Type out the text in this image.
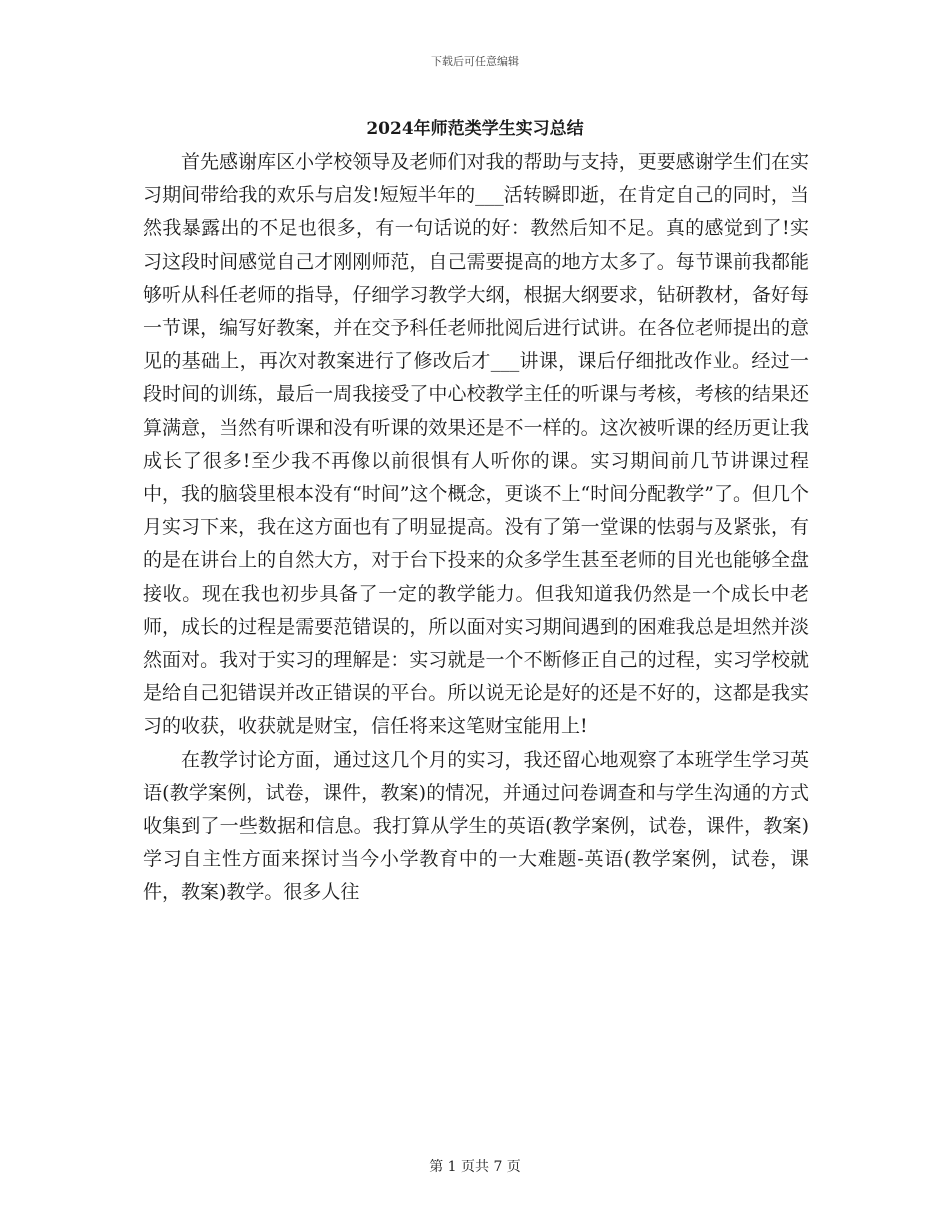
下载后可任意编辑
2024年师范类学生实习总结

首先感谢库区小学校领导及老师们对我的帮助与支持，更要感谢学生们在实习期间带给我的欢乐与启发!短短半年的___活转瞬即逝，在肯定自己的同时，当然我暴露出的不足也很多，有一句话说的好：教然后知不足。真的感觉到了!实习这段时间感觉自己才刚刚师范，自己需要提高的地方太多了。每节课前我都能够听从科任老师的指导，仔细学习教学大纲，根据大纲要求，钻研教材，备好每一节课，编写好教案，并在交予科任老师批阅后进行试讲。在各位老师提出的意见的基础上，再次对教案进行了修改后才___讲课，课后仔细批改作业。经过一段时间的训练，最后一周我接受了中心校教学主任的听课与考核，考核的结果还算满意，当然有听课和没有听课的效果还是不一样的。这次被听课的经历更让我成长了很多!至少我不再像以前很惧有人听你的课。实习期间前几节讲课过程中，我的脑袋里根本没有“时间”这个概念，更谈不上“时间分配教学”了。但几个月实习下来，我在这方面也有了明显提高。没有了第一堂课的怯弱与及紧张，有的是在讲台上的自然大方，对于台下投来的众多学生甚至老师的目光也能够全盘接收。现在我也初步具备了一定的教学能力。但我知道我仍然是一个成长中老师，成长的过程是需要范错误的，所以面对实习期间遇到的困难我总是坦然并淡然面对。我对于实习的理解是：实习就是一个不断修正自己的过程，实习学校就是给自己犯错误并改正错误的平台。所以说无论是好的还是不好的，这都是我实习的收获，收获就是财宝，信任将来这笔财宝能用上!

在教学讨论方面，通过这几个月的实习，我还留心地观察了本班学生学习英语(教学案例，试卷，课件，教案)的情况，并通过问卷调查和与学生沟通的方式收集到了一些数据和信息。我打算从学生的英语(教学案例，试卷，课件，教案)学习自主性方面来探讨当今小学教育中的一大难题-英语(教学案例，试卷，课件，教案)教学。很多人往

第 1 页共 7 页
